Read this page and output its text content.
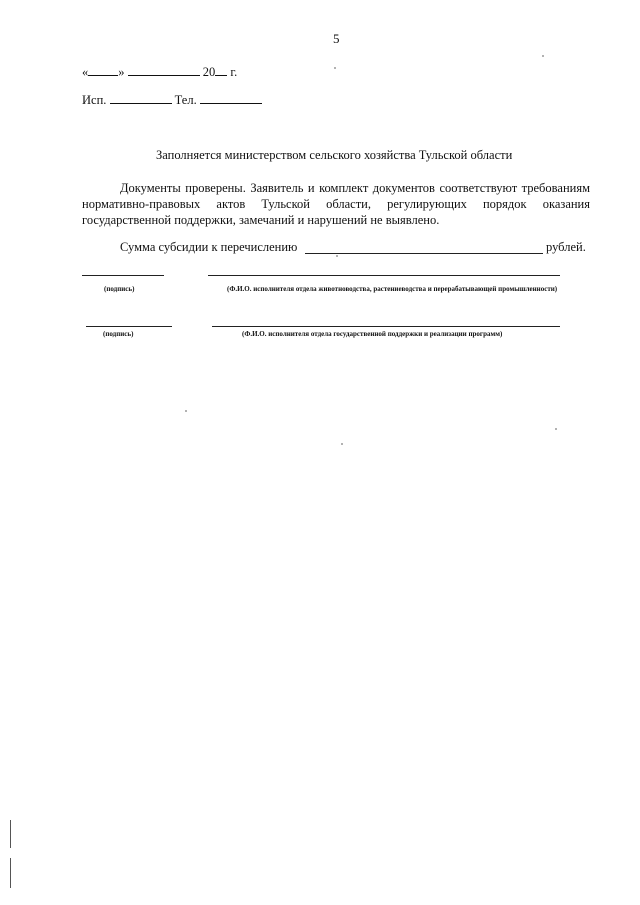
5
« »	20 г.
Исп.	Тел.
Заполняется министерством сельского хозяйства Тульской области
Документы проверены. Заявитель и комплект документов соответствуют требованиям
нормативно-правовых актов Тульской области, регулирующих порядок оказания
государственной поддержки, замечаний и нарушений не выявлено.
Сумма субсидии к перечислению	рублей.
(подпись)	(Ф.И.О. исполнителя отдела животноводства, растениеводства и перерабатывающей промышленности)
(подпись)	(Ф.И.О. исполнителя отдела государственной поддержки и реализации программ)
